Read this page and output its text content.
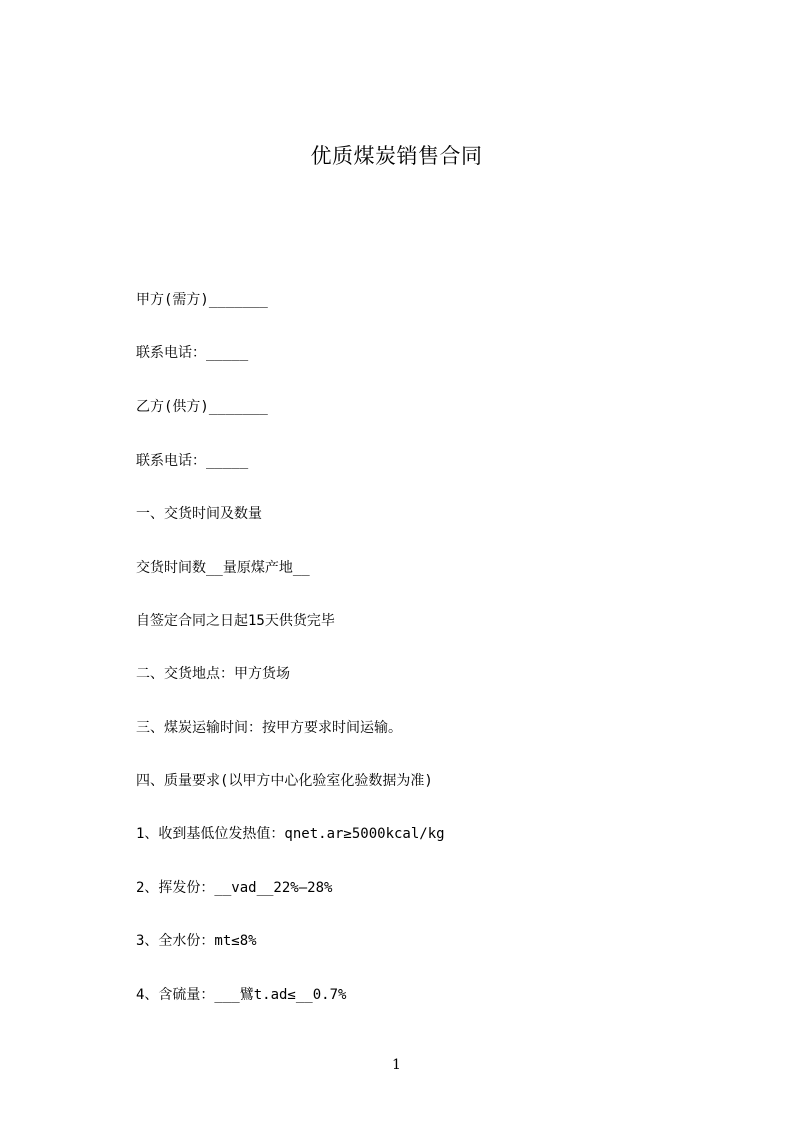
优质煤炭销售合同
甲方(需方)_______
联系电话：_____
乙方(供方)_______
联系电话：_____
一、交货时间及数量
交货时间数__量原煤产地__
自签定合同之日起15天供货完毕
二、交货地点：甲方货场
三、煤炭运输时间：按甲方要求时间运输。
四、质量要求(以甲方中心化验室化验数据为准)
1、收到基低位发热值：qnet.ar≥5000kcal/kg
2、挥发份：__vad__22%—28%
3、全水份：mt≤8%
4、含硫量：___鷿t.ad≤__0.7%
1
